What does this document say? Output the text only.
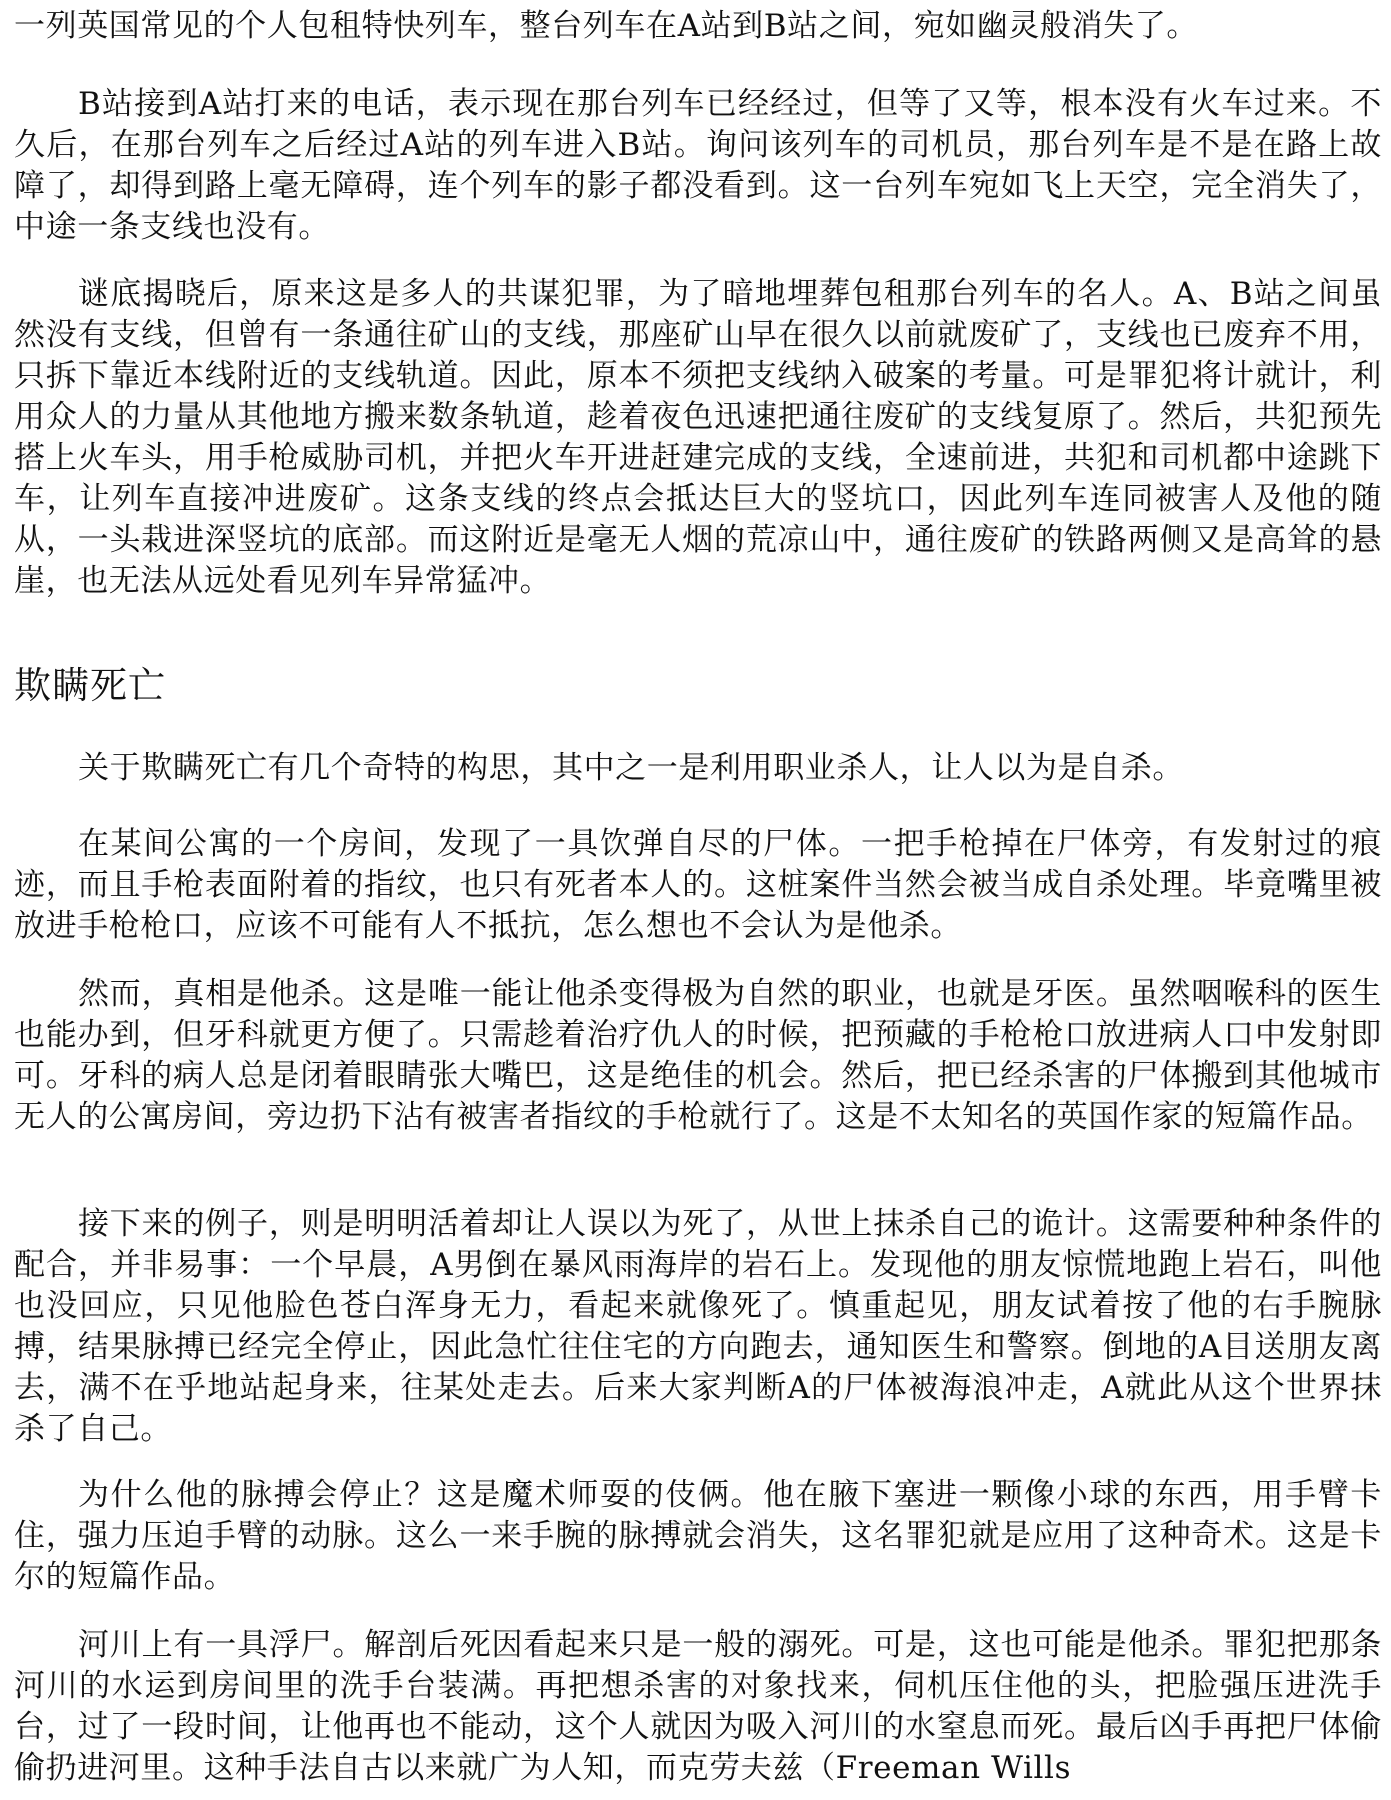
一列英国常见的个人包租特快列车，整台列车在A站到B站之间，宛如幽灵般消失了。

B站接到A站打来的电话，表示现在那台列车已经经过，但等了又等，根本没有火车过来。不久后，在那台列车之后经过A站的列车进入B站。询问该列车的司机员，那台列车是不是在路上故障了，却得到路上毫无障碍，连个列车的影子都没看到。这一台列车宛如飞上天空，完全消失了，中途一条支线也没有。

谜底揭晓后，原来这是多人的共谋犯罪，为了暗地埋葬包租那台列车的名人。A、B站之间虽然没有支线，但曾有一条通往矿山的支线，那座矿山早在很久以前就废矿了，支线也已废弃不用，只拆下靠近本线附近的支线轨道。因此，原本不须把支线纳入破案的考量。可是罪犯将计就计，利用众人的力量从其他地方搬来数条轨道，趁着夜色迅速把通往废矿的支线复原了。然后，共犯预先搭上火车头，用手枪威胁司机，并把火车开进赶建完成的支线，全速前进，共犯和司机都中途跳下车，让列车直接冲进废矿。这条支线的终点会抵达巨大的竖坑口，因此列车连同被害人及他的随从，一头栽进深竖坑的底部。而这附近是毫无人烟的荒凉山中，通往废矿的铁路两侧又是高耸的悬崖，也无法从远处看见列车异常猛冲。

欺瞒死亡

关于欺瞒死亡有几个奇特的构思，其中之一是利用职业杀人，让人以为是自杀。

在某间公寓的一个房间，发现了一具饮弹自尽的尸体。一把手枪掉在尸体旁，有发射过的痕迹，而且手枪表面附着的指纹，也只有死者本人的。这桩案件当然会被当成自杀处理。毕竟嘴里被放进手枪枪口，应该不可能有人不抵抗，怎么想也不会认为是他杀。

然而，真相是他杀。这是唯一能让他杀变得极为自然的职业，也就是牙医。虽然咽喉科的医生也能办到，但牙科就更方便了。只需趁着治疗仇人的时候，把预藏的手枪枪口放进病人口中发射即可。牙科的病人总是闭着眼睛张大嘴巴，这是绝佳的机会。然后，把已经杀害的尸体搬到其他城市无人的公寓房间，旁边扔下沾有被害者指纹的手枪就行了。这是不太知名的英国作家的短篇作品。

接下来的例子，则是明明活着却让人误以为死了，从世上抹杀自己的诡计。这需要种种条件的配合，并非易事：一个早晨，A男倒在暴风雨海岸的岩石上。发现他的朋友惊慌地跑上岩石，叫他也没回应，只见他脸色苍白浑身无力，看起来就像死了。慎重起见，朋友试着按了他的右手腕脉搏，结果脉搏已经完全停止，因此急忙往住宅的方向跑去，通知医生和警察。倒地的A目送朋友离去，满不在乎地站起身来，往某处走去。后来大家判断A的尸体被海浪冲走，A就此从这个世界抹杀了自己。

为什么他的脉搏会停止？这是魔术师耍的伎俩。他在腋下塞进一颗像小球的东西，用手臂卡住，强力压迫手臂的动脉。这么一来手腕的脉搏就会消失，这名罪犯就是应用了这种奇术。这是卡尔的短篇作品。

河川上有一具浮尸。解剖后死因看起来只是一般的溺死。可是，这也可能是他杀。罪犯把那条河川的水运到房间里的洗手台装满。再把想杀害的对象找来，伺机压住他的头，把脸强压进洗手台，过了一段时间，让他再也不能动，这个人就因为吸入河川的水窒息而死。最后凶手再把尸体偷偷扔进河里。这种手法自古以来就广为人知，而克劳夫兹（Freeman Wills
